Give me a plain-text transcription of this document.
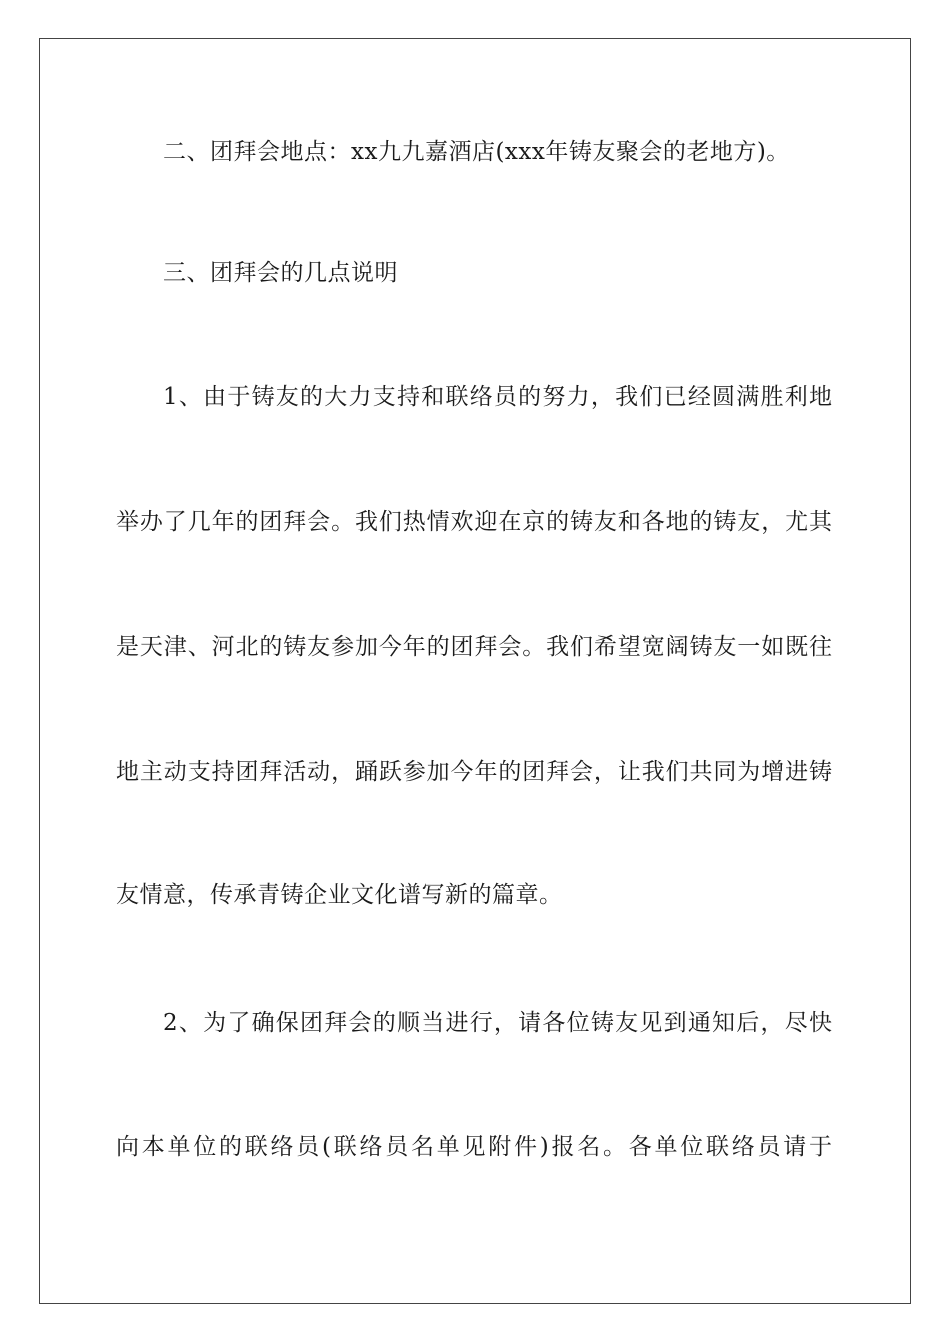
二、团拜会地点：xx九九嘉酒店(xxx年铸友聚会的老地方)。
三、团拜会的几点说明
1、由于铸友的大力支持和联络员的努力，我们已经圆满胜利地
举办了几年的团拜会。我们热情欢迎在京的铸友和各地的铸友，尤其
是天津、河北的铸友参加今年的团拜会。我们希望宽阔铸友一如既往
地主动支持团拜活动，踊跃参加今年的团拜会，让我们共同为增进铸
友情意，传承青铸企业文化谱写新的篇章。
2、为了确保团拜会的顺当进行，请各位铸友见到通知后，尽快
向本单位的联络员(联络员名单见附件)报名。各单位联络员请于
